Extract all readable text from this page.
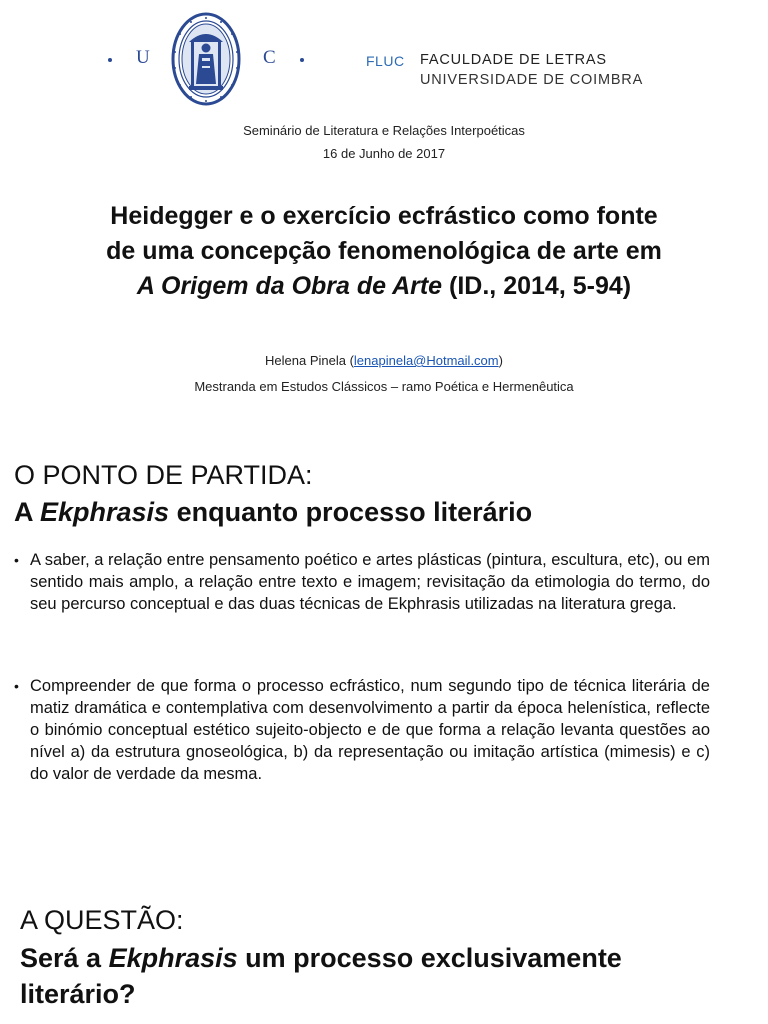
U	C	FLUC FACULDADE DE LETRAS
UNIVERSIDADE DE COIMBRA
Seminário de Literatura e Relações Interpoéticas
16 de Junho de 2017
Heidegger e o exercício ecfrástico como fonte
de uma concepção fenomenológica de arte em
A Origem da Obra de Arte (ID., 2014, 5-94)
Helena Pinela (lenapinela@Hotmail.com)
Mestranda em Estudos Clássicos – ramo Poética e Hermenêutica
O PONTO DE PARTIDA:
A Ekphrasis enquanto processo literário
• A saber, a relação entre pensamento poético e artes plásticas (pintura, escultura, etc), ou em sentido mais amplo, a relação entre texto e imagem; revisitação da etimologia do termo, do seu percurso conceptual e das duas técnicas de Ekphrasis utilizadas na literatura grega.
• Compreender de que forma o processo ecfrástico, num segundo tipo de técnica literária de matiz dramática e contemplativa com desenvolvimento a partir da época helenística, reflecte o binómio conceptual estético sujeito-objecto e de que forma a relação levanta questões ao nível a) da estrutura gnoseológica, b) da representação ou imitação artística (mimesis) e c) do valor de verdade da mesma.
A QUESTÃO:
Será a Ekphrasis um processo exclusivamente literário?
